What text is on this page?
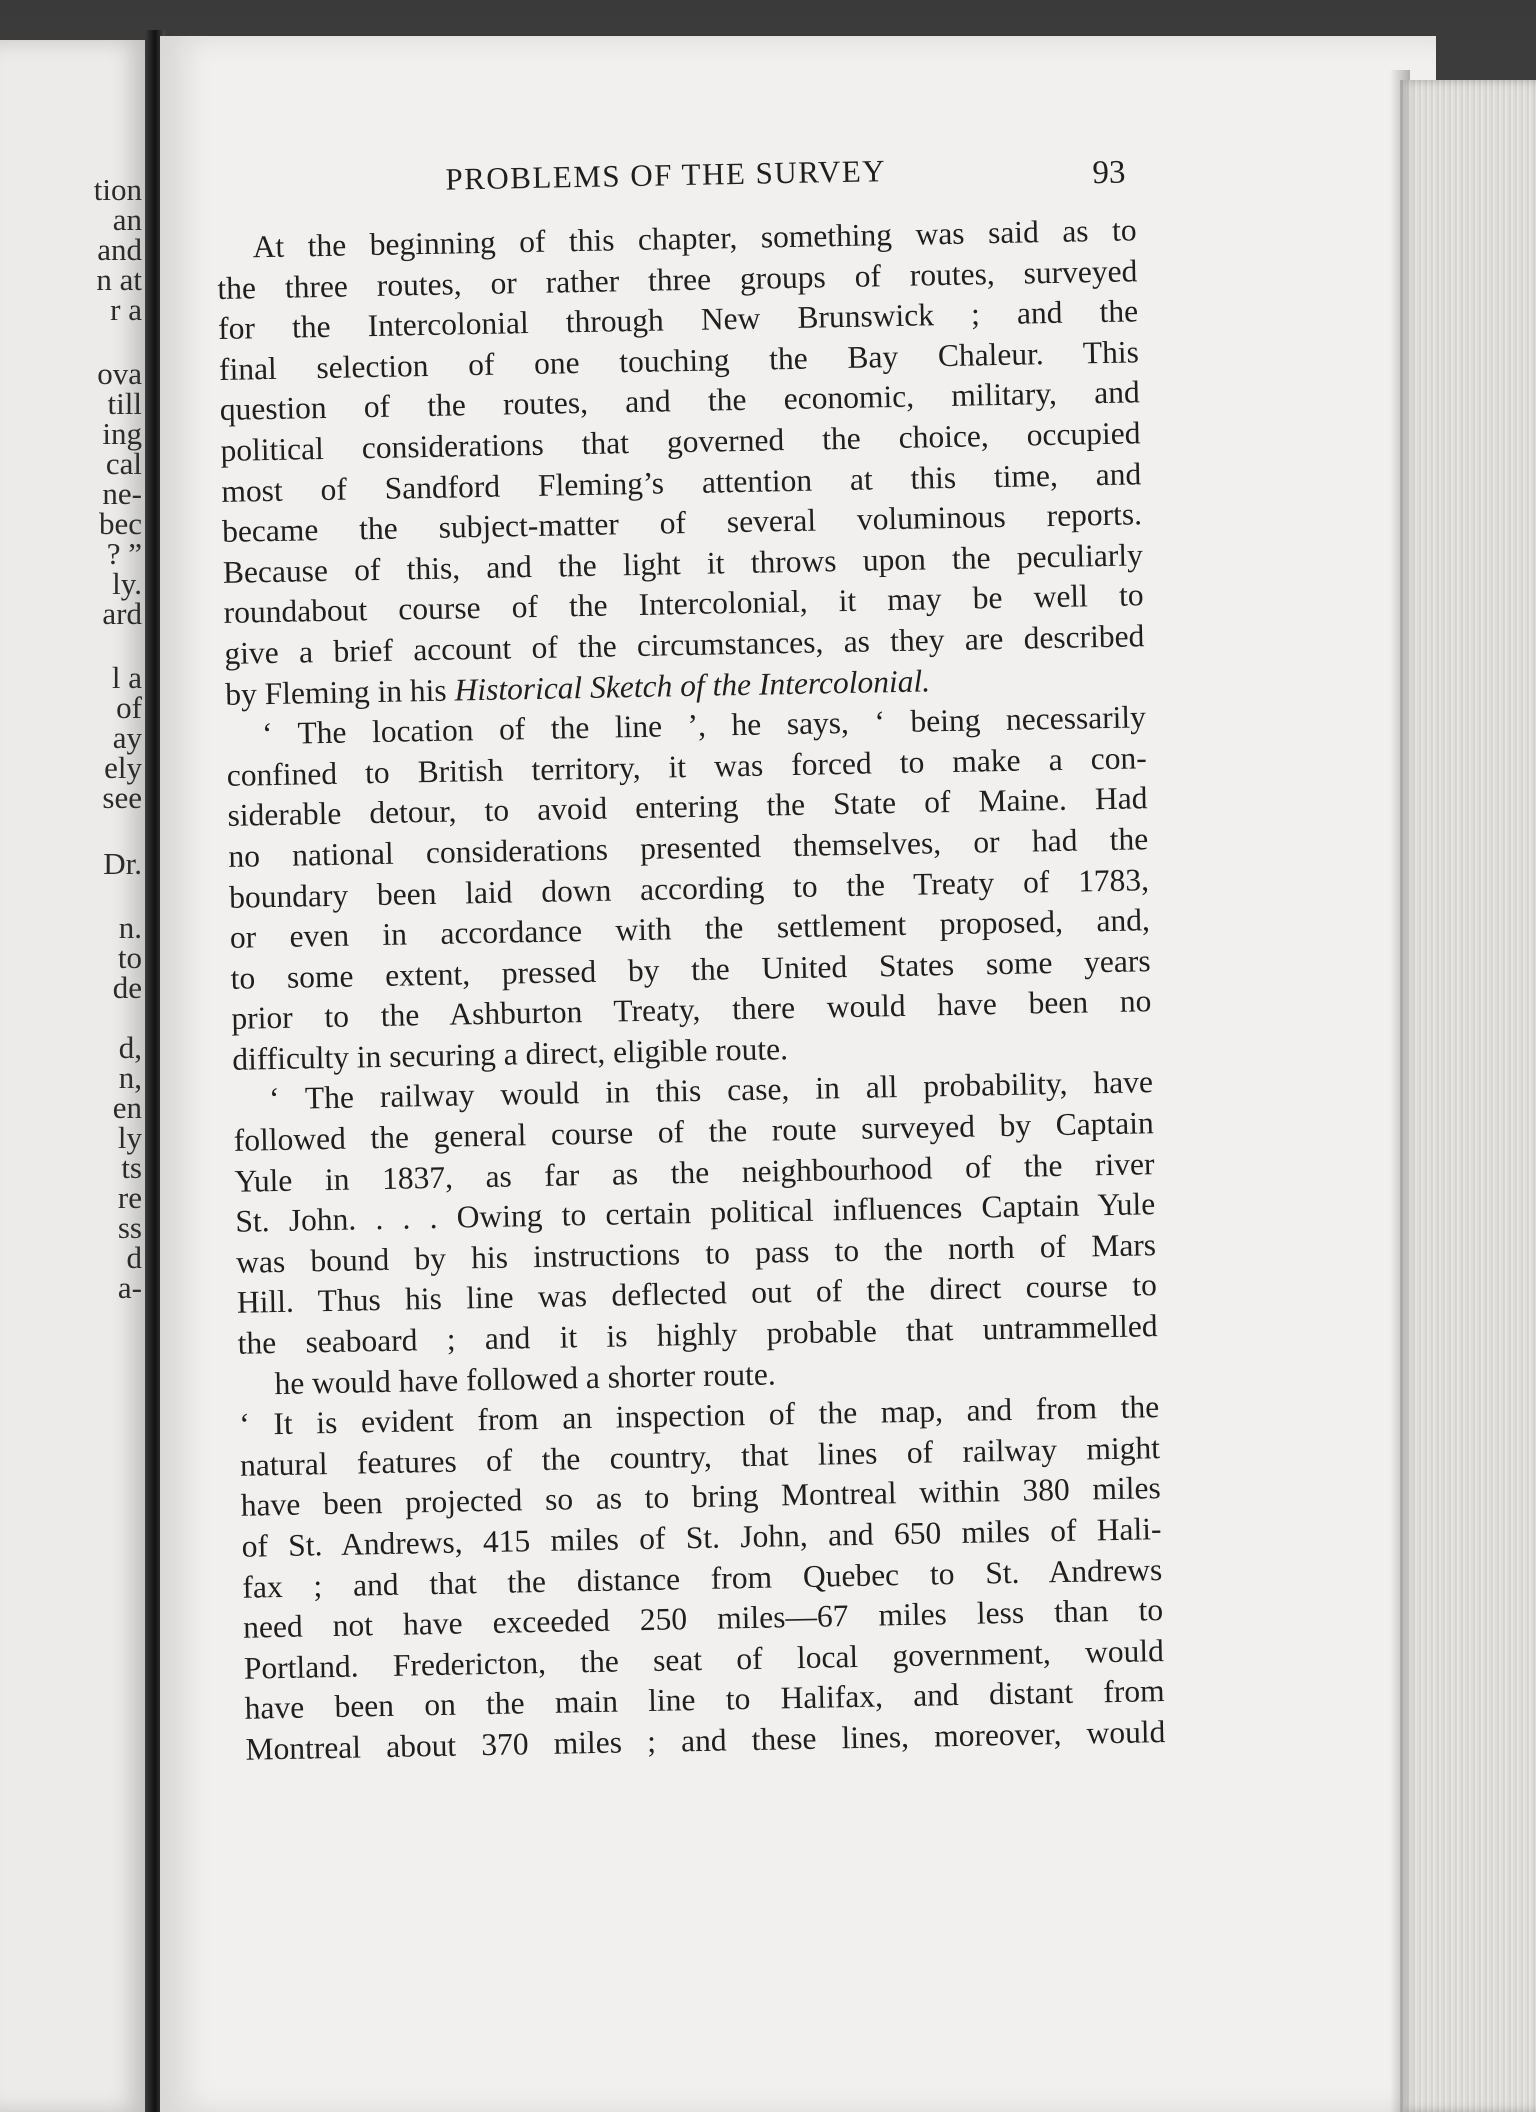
tion
an
and
n at
r a
ova
till
ing
cal
ne-
bec
? ”
ly.
ard
l a
of
ay
ely
see
Dr.
n.
to
de
d,
n,
en
ly
ts
re
ss
d
a-
PROBLEMS OF THE SURVEY	93
At the beginning of this chapter, something was said as to
the three routes, or rather three groups of routes, surveyed
for the Intercolonial through New Brunswick ; and the
final selection of one touching the Bay Chaleur. This
question of the routes, and the economic, military, and
political considerations that governed the choice, occupied
most of Sandford Fleming’s attention at this time, and
became the subject-matter of several voluminous reports.
Because of this, and the light it throws upon the peculiarly
roundabout course of the Intercolonial, it may be well to
give a brief account of the circumstances, as they are described
by Fleming in his Historical Sketch of the Intercolonial.
‘ The location of the line ’, he says, ‘ being necessarily
confined to British territory, it was forced to make a con-
siderable detour, to avoid entering the State of Maine. Had
no national considerations presented themselves, or had the
boundary been laid down according to the Treaty of 1783,
or even in accordance with the settlement proposed, and,
to some extent, pressed by the United States some years
prior to the Ashburton Treaty, there would have been no
difficulty in securing a direct, eligible route.
‘ The railway would in this case, in all probability, have
followed the general course of the route surveyed by Captain
Yule in 1837, as far as the neighbourhood of the river
St. John. . . . Owing to certain political influences Captain Yule
was bound by his instructions to pass to the north of Mars
Hill. Thus his line was deflected out of the direct course to
the seaboard ; and it is highly probable that untrammelled
he would have followed a shorter route.
‘ It is evident from an inspection of the map, and from the
natural features of the country, that lines of railway might
have been projected so as to bring Montreal within 380 miles
of St. Andrews, 415 miles of St. John, and 650 miles of Hali-
fax ; and that the distance from Quebec to St. Andrews
need not have exceeded 250 miles—67 miles less than to
Portland. Fredericton, the seat of local government, would
have been on the main line to Halifax, and distant from
Montreal about 370 miles ; and these lines, moreover, would
